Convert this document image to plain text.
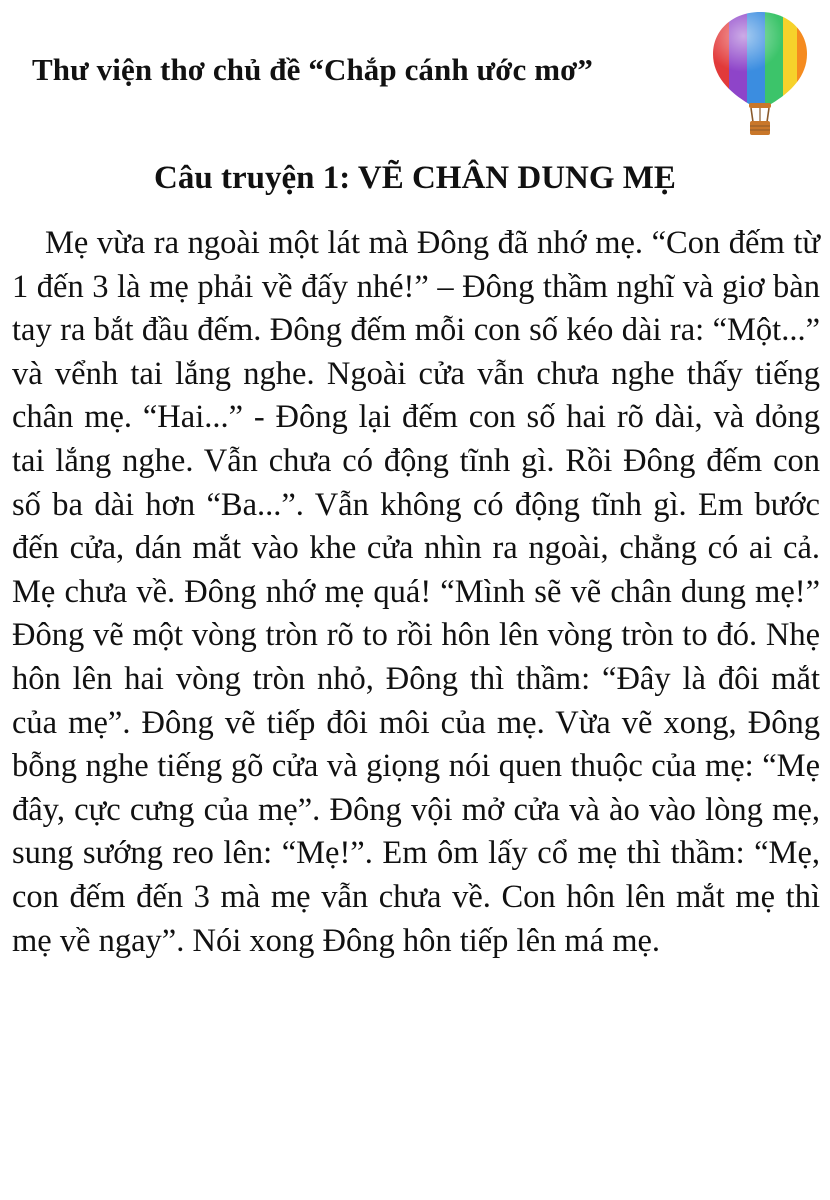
Thư viện thơ chủ đề “Chắp cánh ước mơ”
Câu truyện 1: VẼ CHÂN DUNG MẸ

Mẹ vừa ra ngoài một lát mà Đông đã nhớ mẹ. “Con đếm từ 1 đến 3 là mẹ phải về đấy nhé!” – Đông thầm nghĩ và giơ bàn tay ra bắt đầu đếm. Đông đếm mỗi con số kéo dài ra: “Một...” và vểnh tai lắng nghe. Ngoài cửa vẫn chưa nghe thấy tiếng chân mẹ. “Hai...” - Đông lại đếm con số hai rõ dài, và dỏng tai lắng nghe. Vẫn chưa có động tĩnh gì. Rồi Đông đếm con số ba dài hơn “Ba...”. Vẫn không có động tĩnh gì. Em bước đến cửa, dán mắt vào khe cửa nhìn ra ngoài, chẳng có ai cả. Mẹ chưa về. Đông nhớ mẹ quá! “Mình sẽ vẽ chân dung mẹ!” Đông vẽ một vòng tròn rõ to rồi hôn lên vòng tròn to đó. Nhẹ hôn lên hai vòng tròn nhỏ, Đông thì thầm: “Đây là đôi mắt của mẹ”. Đông vẽ tiếp đôi môi của mẹ. Vừa vẽ xong, Đông bỗng nghe tiếng gõ cửa và giọng nói quen thuộc của mẹ: “Mẹ đây, cực cưng của mẹ”. Đông vội mở cửa và ào vào lòng mẹ, sung sướng reo lên: “Mẹ!”. Em ôm lấy cổ mẹ thì thầm: “Mẹ, con đếm đến 3 mà mẹ vẫn chưa về. Con hôn lên mắt mẹ thì mẹ về ngay”. Nói xong Đông hôn tiếp lên má mẹ.
